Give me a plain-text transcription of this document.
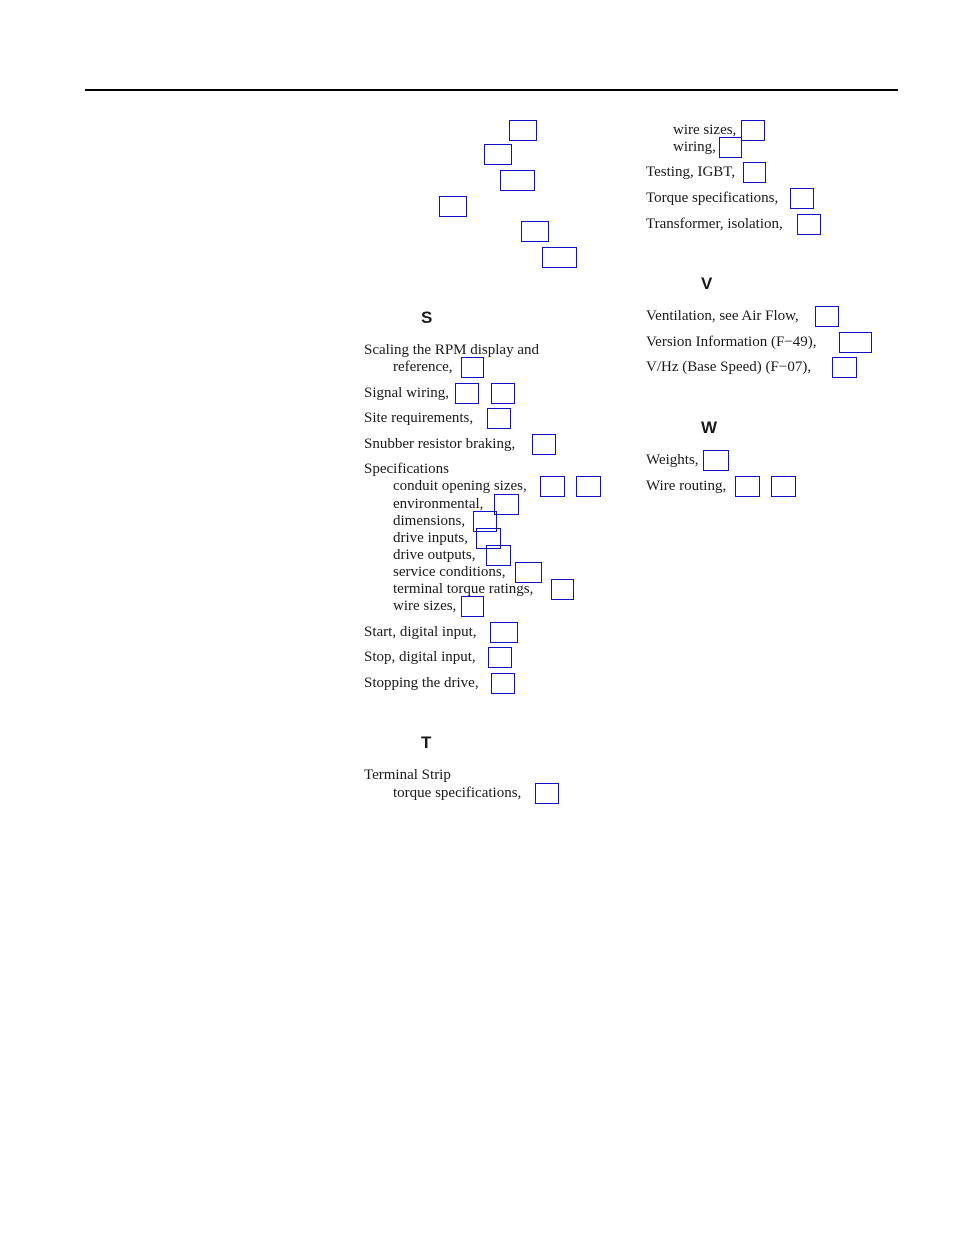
S
Scaling the RPM display and
reference,
Signal wiring,
Site requirements,
Snubber resistor braking,
Specifications
conduit opening sizes,
environmental,
dimensions,
drive inputs,
drive outputs,
service conditions,
terminal torque ratings,
wire sizes,
Start, digital input,
Stop, digital input,
Stopping the drive,
T
Terminal Strip
torque specifications,
wire sizes,
wiring,
Testing, IGBT,
Torque specifications,
Transformer, isolation,
V
Ventilation, see Air Flow,
Version Information (F−49),
V/Hz (Base Speed) (F−07),
W
Weights,
Wire routing,
